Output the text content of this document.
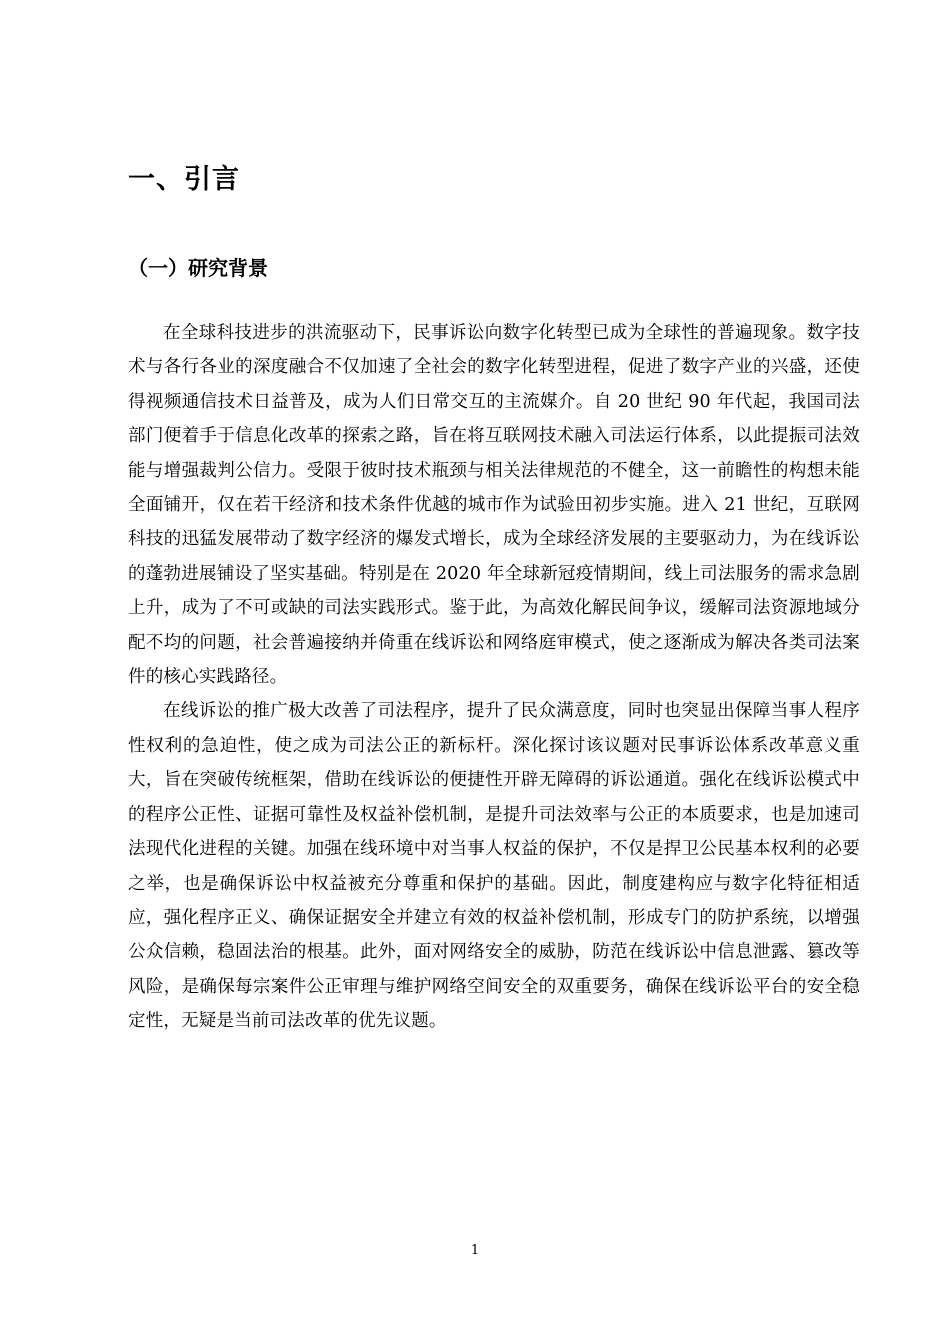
一、引言
（一）研究背景

在全球科技进步的洪流驱动下，民事诉讼向数字化转型已成为全球性的普遍现象。数字技术与各行各业的深度融合不仅加速了全社会的数字化转型进程，促进了数字产业的兴盛，还使得视频通信技术日益普及，成为人们日常交互的主流媒介。自 20 世纪 90 年代起，我国司法部门便着手于信息化改革的探索之路，旨在将互联网技术融入司法运行体系，以此提振司法效能与增强裁判公信力。受限于彼时技术瓶颈与相关法律规范的不健全，这一前瞻性的构想未能全面铺开，仅在若干经济和技术条件优越的城市作为试验田初步实施。进入 21 世纪，互联网科技的迅猛发展带动了数字经济的爆发式增长，成为全球经济发展的主要驱动力，为在线诉讼的蓬勃进展铺设了坚实基础。特别是在 2020 年全球新冠疫情期间，线上司法服务的需求急剧上升，成为了不可或缺的司法实践形式。鉴于此，为高效化解民间争议，缓解司法资源地域分配不均的问题，社会普遍接纳并倚重在线诉讼和网络庭审模式，使之逐渐成为解决各类司法案件的核心实践路径。

在线诉讼的推广极大改善了司法程序，提升了民众满意度，同时也突显出保障当事人程序性权利的急迫性，使之成为司法公正的新标杆。深化探讨该议题对民事诉讼体系改革意义重大，旨在突破传统框架，借助在线诉讼的便捷性开辟无障碍的诉讼通道。强化在线诉讼模式中的程序公正性、证据可靠性及权益补偿机制，是提升司法效率与公正的本质要求，也是加速司法现代化进程的关键。加强在线环境中对当事人权益的保护，不仅是捍卫公民基本权利的必要之举，也是确保诉讼中权益被充分尊重和保护的基础。因此，制度建构应与数字化特征相适应，强化程序正义、确保证据安全并建立有效的权益补偿机制，形成专门的防护系统，以增强公众信赖，稳固法治的根基。此外，面对网络安全的威胁，防范在线诉讼中信息泄露、篡改等风险，是确保每宗案件公正审理与维护网络空间安全的双重要务，确保在线诉讼平台的安全稳定性，无疑是当前司法改革的优先议题。

1
